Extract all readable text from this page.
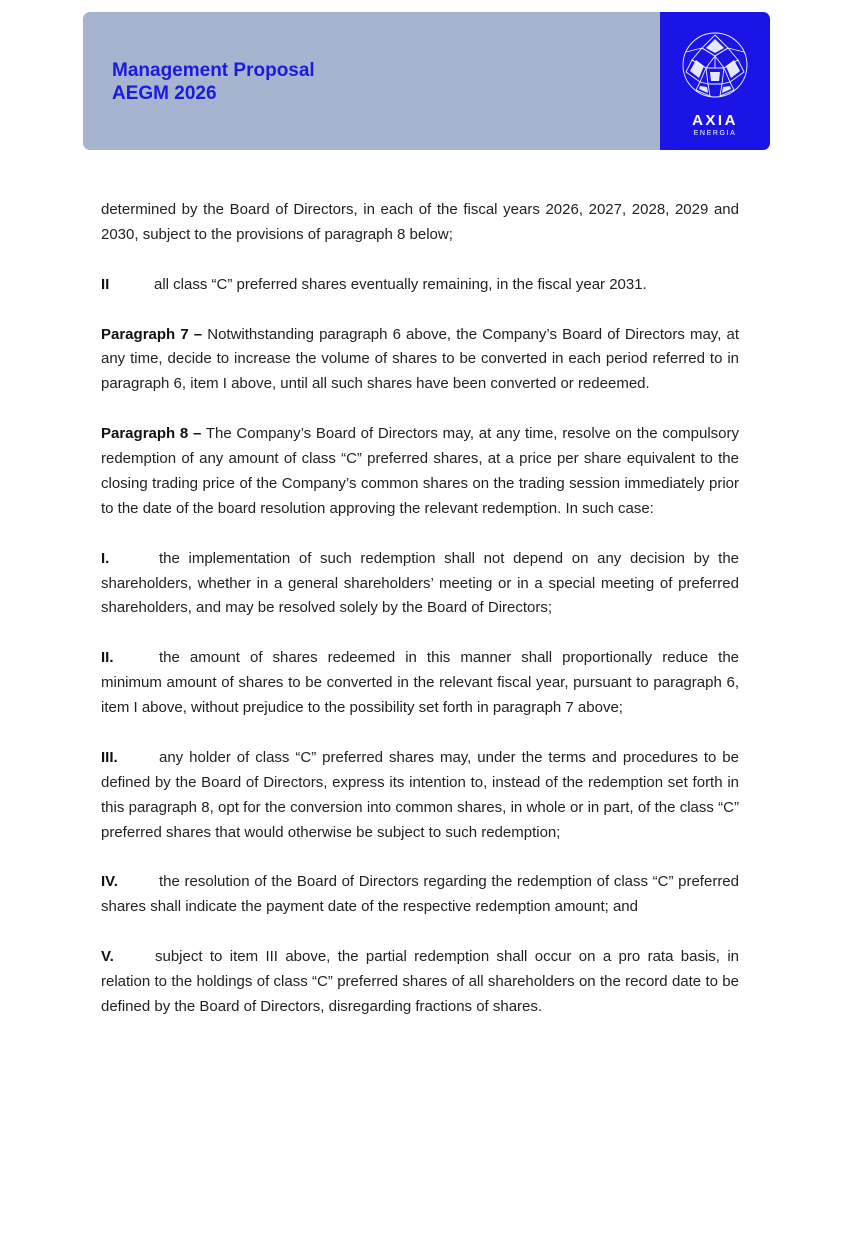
Management Proposal
AEGM 2026
AXIA
ENERGIA

determined by the Board of Directors, in each of the fiscal years 2026, 2027, 2028, 2029 and 2030, subject to the provisions of paragraph 8 below;

II	all class “C” preferred shares eventually remaining, in the fiscal year 2031.

Paragraph 7 – Notwithstanding paragraph 6 above, the Company’s Board of Directors may, at any time, decide to increase the volume of shares to be converted in each period referred to in paragraph 6, item I above, until all such shares have been converted or redeemed.

Paragraph 8 – The Company’s Board of Directors may, at any time, resolve on the compulsory redemption of any amount of class “C” preferred shares, at a price per share equivalent to the closing trading price of the Company’s common shares on the trading session immediately prior to the date of the board resolution approving the relevant redemption. In such case:

I.	the implementation of such redemption shall not depend on any decision by the shareholders, whether in a general shareholders’ meeting or in a special meeting of preferred shareholders, and may be resolved solely by the Board of Directors;

II.	the amount of shares redeemed in this manner shall proportionally reduce the minimum amount of shares to be converted in the relevant fiscal year, pursuant to paragraph 6, item I above, without prejudice to the possibility set forth in paragraph 7 above;

III.	any holder of class “C” preferred shares may, under the terms and procedures to be defined by the Board of Directors, express its intention to, instead of the redemption set forth in this paragraph 8, opt for the conversion into common shares, in whole or in part, of the class “C” preferred shares that would otherwise be subject to such redemption;

IV.	the resolution of the Board of Directors regarding the redemption of class “C” preferred shares shall indicate the payment date of the respective redemption amount; and

V.	subject to item III above, the partial redemption shall occur on a pro rata basis, in relation to the holdings of class “C” preferred shares of all shareholders on the record date to be defined by the Board of Directors, disregarding fractions of shares.
